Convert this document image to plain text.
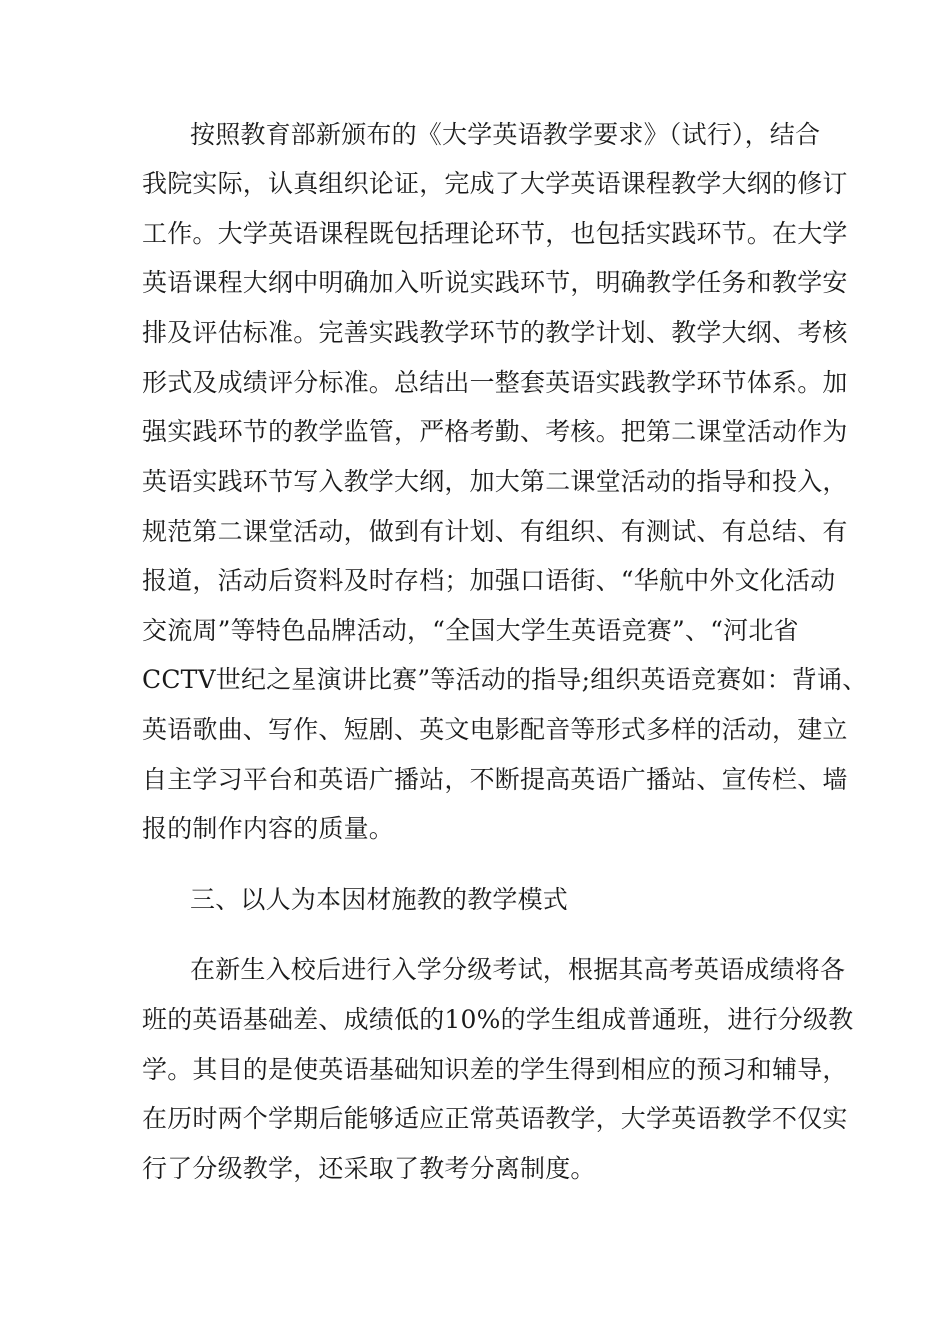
按照教育部新颁布的《大学英语教学要求》（试行），结合

我院实际，认真组织论证，完成了大学英语课程教学大纲的修订

工作。大学英语课程既包括理论环节，也包括实践环节。在大学

英语课程大纲中明确加入听说实践环节，明确教学任务和教学安

排及评估标准。完善实践教学环节的教学计划、教学大纲、考核

形式及成绩评分标准。总结出一整套英语实践教学环节体系。加

强实践环节的教学监管，严格考勤、考核。把第二课堂活动作为

英语实践环节写入教学大纲，加大第二课堂活动的指导和投入，

规范第二课堂活动，做到有计划、有组织、有测试、有总结、有

报道，活动后资料及时存档；加强口语街、“华航中外文化活动

交流周”等特色品牌活动，“全国大学生英语竞赛”、“河北省

CCTV世纪之星演讲比赛”等活动的指导;组织英语竞赛如：背诵、

英语歌曲、写作、短剧、英文电影配音等形式多样的活动，建立

自主学习平台和英语广播站，不断提高英语广播站、宣传栏、墙

报的制作内容的质量。

三、以人为本因材施教的教学模式

在新生入校后进行入学分级考试，根据其高考英语成绩将各

班的英语基础差、成绩低的10%的学生组成普通班，进行分级教

学。其目的是使英语基础知识差的学生得到相应的预习和辅导，

在历时两个学期后能够适应正常英语教学，大学英语教学不仅实

行了分级教学，还采取了教考分离制度。
